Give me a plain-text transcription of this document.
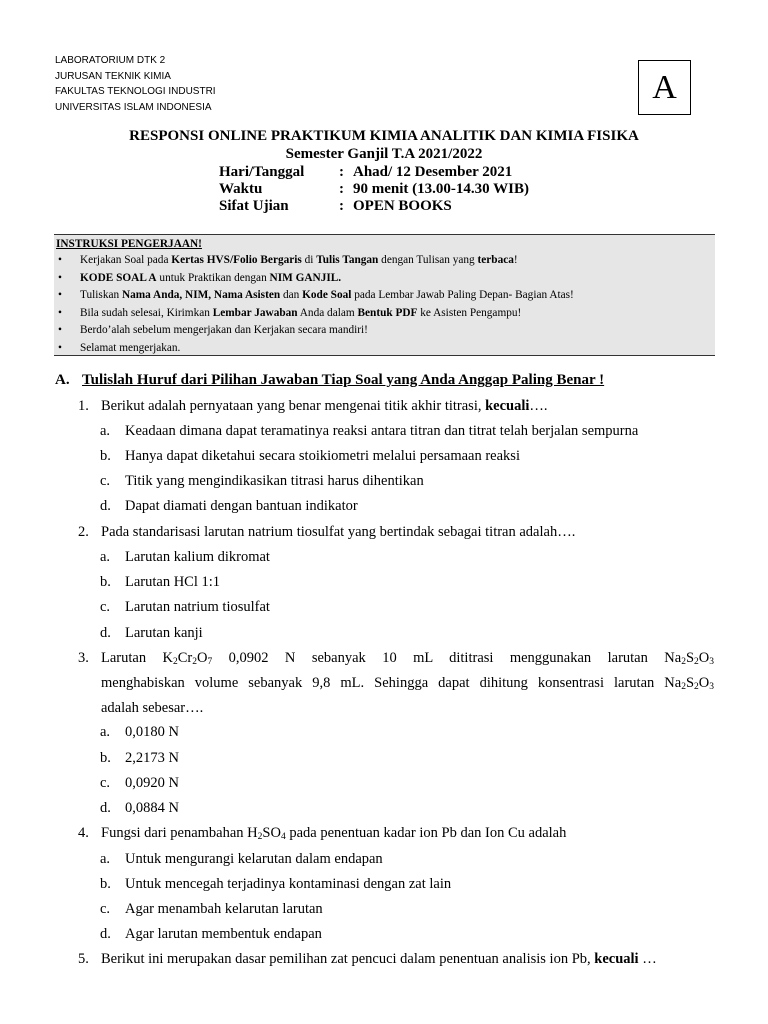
LABORATORIUM DTK 2
JURUSAN TEKNIK KIMIA
FAKULTAS TEKNOLOGI INDUSTRI
UNIVERSITAS ISLAM INDONESIA
A
RESPONSI ONLINE PRAKTIKUM KIMIA ANALITIK DAN KIMIA FISIKA
Semester Ganjil T.A 2021/2022
Hari/Tanggal : Ahad/ 12 Desember 2021
Waktu	: 90 menit (13.00-14.30 WIB)
Sifat Ujian	: OPEN BOOKS
INSTRUKSI PENGERJAAN!
•	Kerjakan Soal pada Kertas HVS/Folio Bergaris di Tulis Tangan dengan Tulisan yang terbaca!
•	KODE SOAL A untuk Praktikan dengan NIM GANJIL.
•	Tuliskan Nama Anda, NIM, Nama Asisten dan Kode Soal pada Lembar Jawab Paling Depan- Bagian Atas!
•	Bila sudah selesai, Kirimkan Lembar Jawaban Anda dalam Bentuk PDF ke Asisten Pengampu!
•	Berdo’alah sebelum mengerjakan dan Kerjakan secara mandiri!
•	Selamat mengerjakan.
A. Tulislah Huruf dari Pilihan Jawaban Tiap Soal yang Anda Anggap Paling Benar !
1. Berikut adalah pernyataan yang benar mengenai titik akhir titrasi, kecuali….
a. Keadaan dimana dapat teramatinya reaksi antara titran dan titrat telah berjalan sempurna
b. Hanya dapat diketahui secara stoikiometri melalui persamaan reaksi
c. Titik yang mengindikasikan titrasi harus dihentikan
d. Dapat diamati dengan bantuan indikator
2. Pada standarisasi larutan natrium tiosulfat yang bertindak sebagai titran adalah….
a. Larutan kalium dikromat
b. Larutan HCl 1:1
c. Larutan natrium tiosulfat
d. Larutan kanji
3. Larutan $K_2Cr_2O_7$ 0,0902 N sebanyak 10 mL dititrasi menggunakan larutan $Na_2S_2O_3$
menghabiskan volume sebanyak 9,8 mL. Sehingga dapat dihitung konsentrasi larutan $Na_2S_2O_3$
adalah sebesar….
a. 0,0180 N
b. 2,2173 N
c. 0,0920 N
d. 0,0884 N
4. Fungsi dari penambahan $H_2SO_4$ pada penentuan kadar ion Pb dan Ion Cu adalah
a. Untuk mengurangi kelarutan dalam endapan
b. Untuk mencegah terjadinya kontaminasi dengan zat lain
c. Agar menambah kelarutan larutan
d. Agar larutan membentuk endapan
5. Berikut ini merupakan dasar pemilihan zat pencuci dalam penentuan analisis ion Pb, kecuali …
